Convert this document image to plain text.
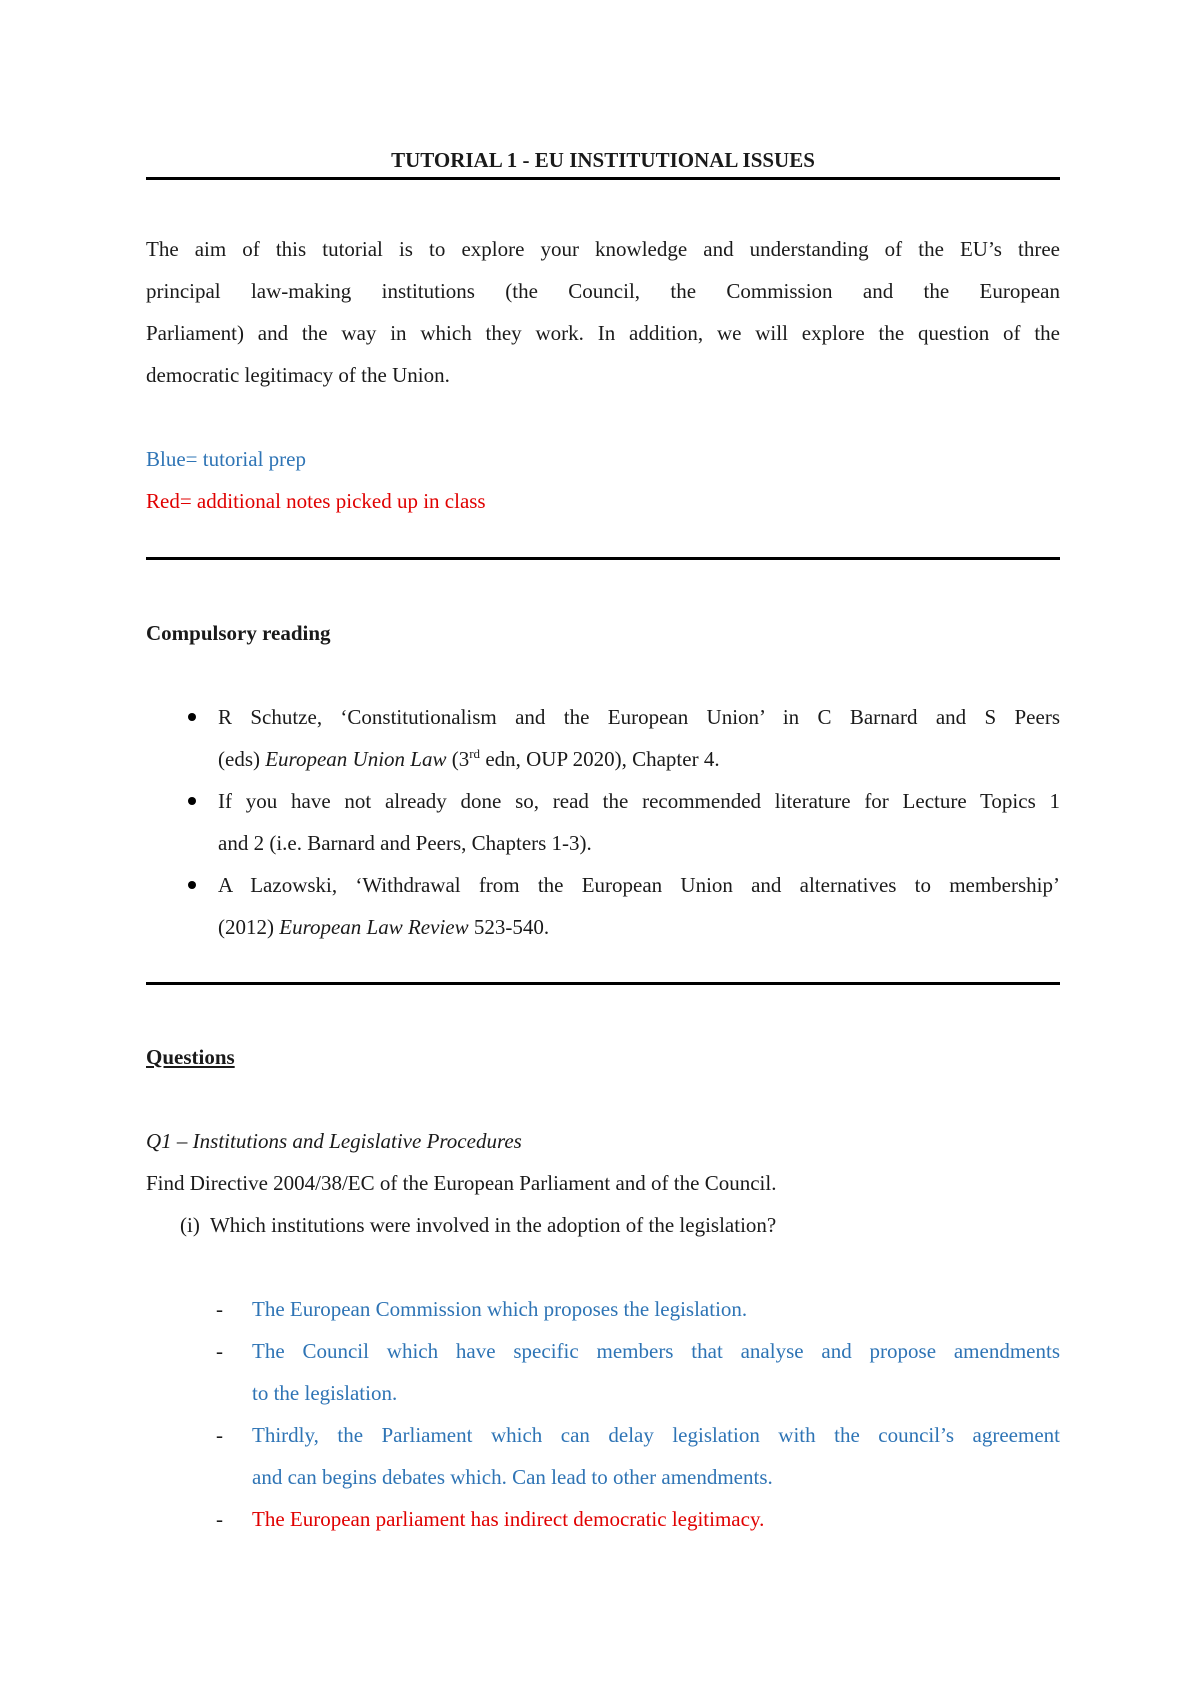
TUTORIAL 1 - EU INSTITUTIONAL ISSUES
The aim of this tutorial is to explore your knowledge and understanding of the EU’s three
principal law-making institutions (the Council, the Commission and the European
Parliament) and the way in which they work. In addition, we will explore the question of the
democratic legitimacy of the Union.
Blue= tutorial prep
Red= additional notes picked up in class
Compulsory reading
R Schutze, ‘Constitutionalism and the European Union’ in C Barnard and S Peers
(eds) European Union Law (3rd edn, OUP 2020), Chapter 4.
If you have not already done so, read the recommended literature for Lecture Topics 1
and 2 (i.e. Barnard and Peers, Chapters 1-3).
A Lazowski, ‘Withdrawal from the European Union and alternatives to membership’
(2012) European Law Review 523-540.
Questions
Q1 – Institutions and Legislative Procedures
Find Directive 2004/38/EC of the European Parliament and of the Council.
(i)  Which institutions were involved in the adoption of the legislation?
- The European Commission which proposes the legislation.
- The Council which have specific members that analyse and propose amendments
to the legislation.
- Thirdly, the Parliament which can delay legislation with the council’s agreement
and can begins debates which. Can lead to other amendments.
- The European parliament has indirect democratic legitimacy.
